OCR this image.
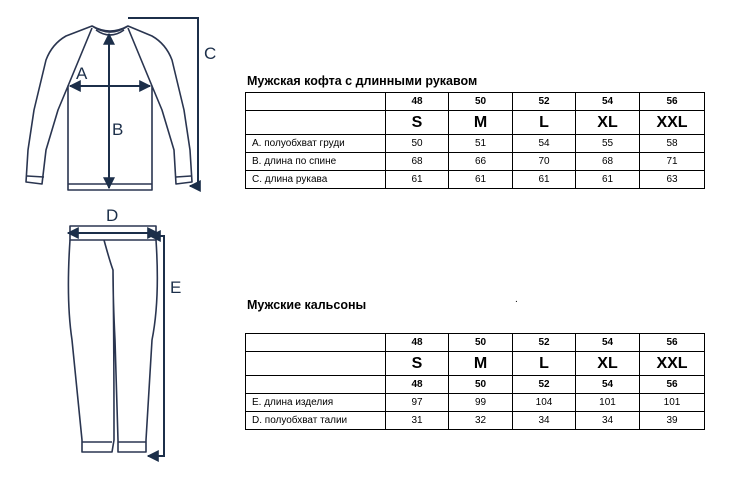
A
B
C
D
E
Мужская кофта с длинными рукавом
	48	50	52	54	56
	S	M	L	XL	XXL
A. полуобхват груди	50	51	54	55	58
B. длина по спине	68	66	70	68	71
C. длина рукава	61	61	61	61	63
Мужские кальсоны	.
	48	50	52	54	56
	S	M	L	XL	XXL
	48	50	52	54	56
E. длина изделия	97	99	104	101	101
D. полуобхват талии	31	32	34	34	39
